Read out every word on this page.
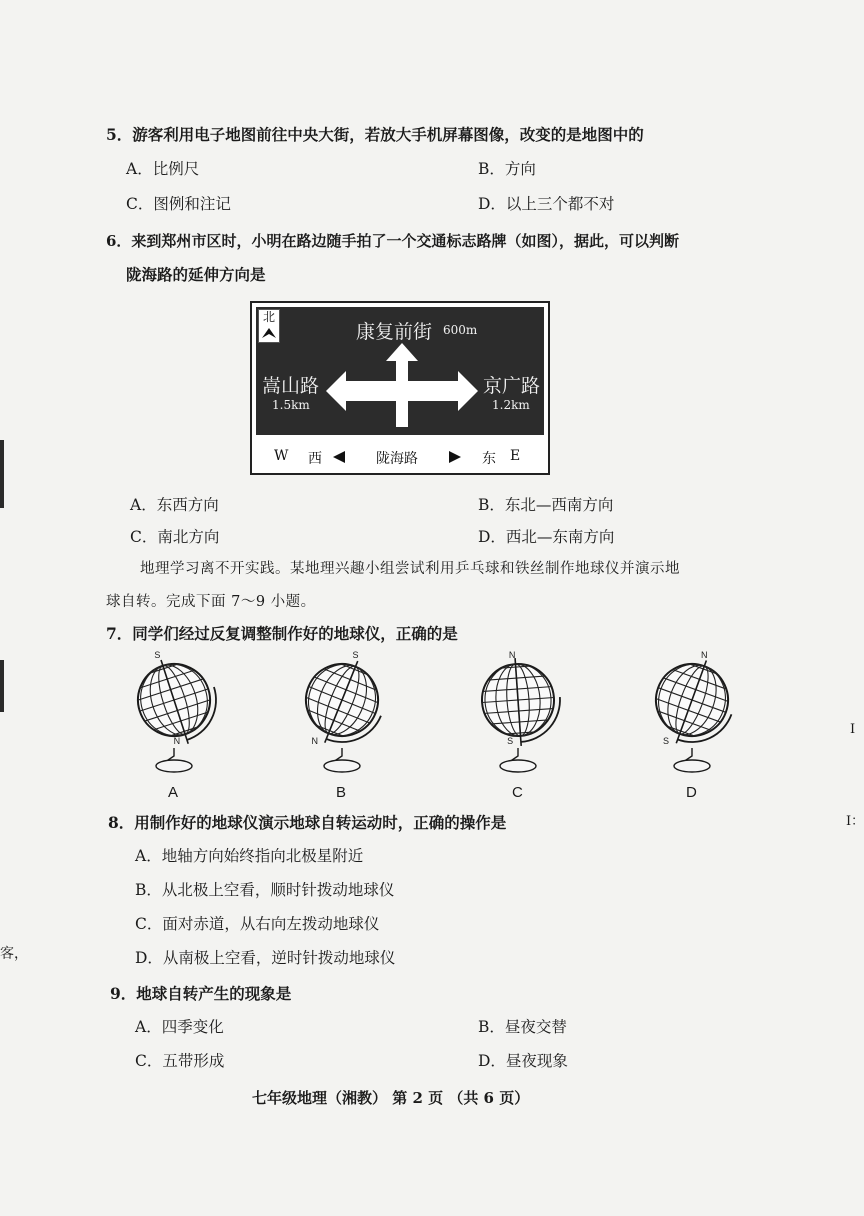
5．游客利用电子地图前往中央大街，若放大手机屏幕图像，改变的是地图中的
A．比例尺	B．方向
C．图例和注记	D．以上三个都不对
6．来到郑州市区时，小明在路边随手拍了一个交通标志路牌（如图），据此，可以判断
陇海路的延伸方向是
北
康复前街 600m
嵩山路
1.5km
京广路
1.2km
W 西	陇海路	东 E
A．东西方向	B．东北—西南方向
C．南北方向	D．西北—东南方向
地理学习离不开实践。某地理兴趣小组尝试利用乒乓球和铁丝制作地球仪并演示地
球自转。完成下面 7～9 小题。
7．同学们经过反复调整制作好的地球仪，正确的是
S
N
A
S
N
B
N
S
C
N
S
D
8．用制作好的地球仪演示地球自转运动时，正确的操作是
A．地轴方向始终指向北极星附近
B．从北极上空看，顺时针拨动地球仪
C．面对赤道，从右向左拨动地球仪
D．从南极上空看，逆时针拨动地球仪
9．地球自转产生的现象是
A．四季变化	B．昼夜交替
C．五带形成	D．昼夜现象
七年级地理（湘教） 第 2 页 （共 6 页）
客，
I
I：
